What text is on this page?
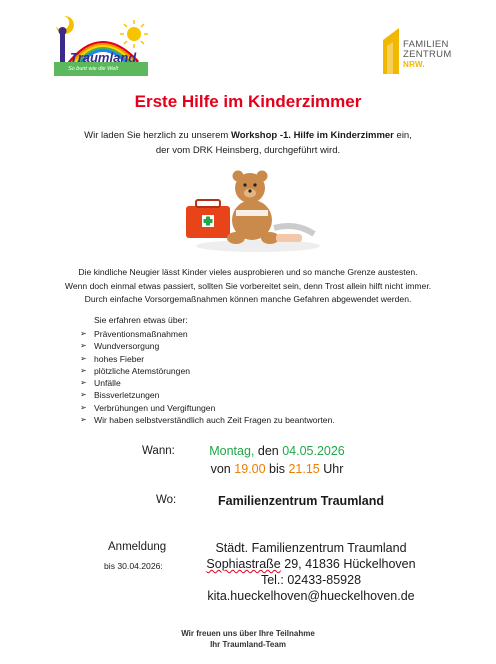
Traumland
So bunt wie die Welt
FAMILIEN
ZENTRUM
NRW.
Erste Hilfe im Kinderzimmer
Wir laden Sie herzlich zu unserem Workshop -1. Hilfe im Kinderzimmer ein,
der vom DRK Heinsberg, durchgeführt wird.
Die kindliche Neugier lässt Kinder vieles ausprobieren und so manche Grenze austesten.
Wenn doch einmal etwas passiert, sollten Sie vorbereitet sein, denn Trost allein hilft nicht immer.
Durch einfache Vorsorgemaßnahmen können manche Gefahren abgewendet werden.
Sie erfahren etwas über:
➢ Präventionsmaßnahmen
➢ Wundversorgung
➢ hohes Fieber
➢ plötzliche Atemstörungen
➢ Unfälle
➢ Bissverletzungen
➢ Verbrühungen und Vergiftungen
➢ Wir haben selbstverständlich auch Zeit Fragen zu beantworten.
Wann:	Montag, den 04.05.2026
von 19.00 bis 21.15 Uhr
Wo:	Familienzentrum Traumland
Anmeldung
bis 30.04.2026:
Städt. Familienzentrum Traumland
Sophiastraße 29, 41836 Hückelhoven
Tel.: 02433-85928
kita.hueckelhoven@hueckelhoven.de
Wir freuen uns über Ihre Teilnahme
Ihr Traumland-Team
